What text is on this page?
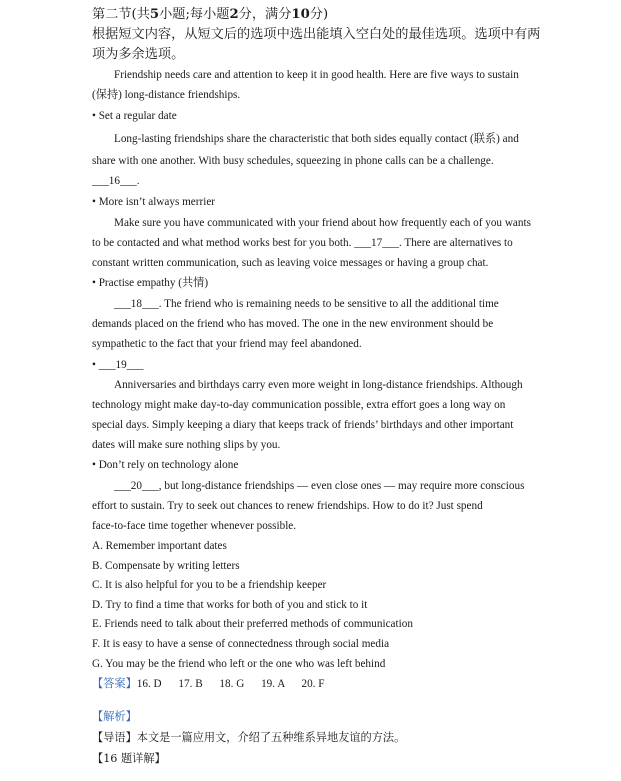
第二节(共5小题;每小题2分，满分10分)
根据短文内容，从短文后的选项中选出能填入空白处的最佳选项。选项中有两
项为多余选项。
Friendship needs care and attention to keep it in good health. Here are five ways to sustain
(保持) long-distance friendships.
• Set a regular date
Long-lasting friendships share the characteristic that both sides equally contact (联系) and
share with one another. With busy schedules, squeezing in phone calls can be a challenge.
___16___.
• More isn’t always merrier
Make sure you have communicated with your friend about how frequently each of you wants
to be contacted and what method works best for you both. ___17___. There are alternatives to
constant written communication, such as leaving voice messages or having a group chat.
• Practise empathy (共情)
___18___. The friend who is remaining needs to be sensitive to all the additional time
demands placed on the friend who has moved. The one in the new environment should be
sympathetic to the fact that your friend may feel abandoned.
• ___19___
Anniversaries and birthdays carry even more weight in long-distance friendships. Although
technology might make day-to-day communication possible, extra effort goes a long way on
special days. Simply keeping a diary that keeps track of friends’ birthdays and other important
dates will make sure nothing slips by you.
• Don’t rely on technology alone
___20___, but long-distance friendships — even close ones — may require more conscious
effort to sustain. Try to seek out chances to renew friendships. How to do it? Just spend
face-to-face time together whenever possible.
A. Remember important dates
B. Compensate by writing letters
C. It is also helpful for you to be a friendship keeper
D. Try to find a time that works for both of you and stick to it
E. Friends need to talk about their preferred methods of communication
F. It is easy to have a sense of connectedness through social media
G. You may be the friend who left or the one who was left behind
【答案】16. D      17. B      18. G      19. A      20. F
【解析】
【导语】本文是一篇应用文，介绍了五种维系异地友谊的方法。
【16 题详解】
